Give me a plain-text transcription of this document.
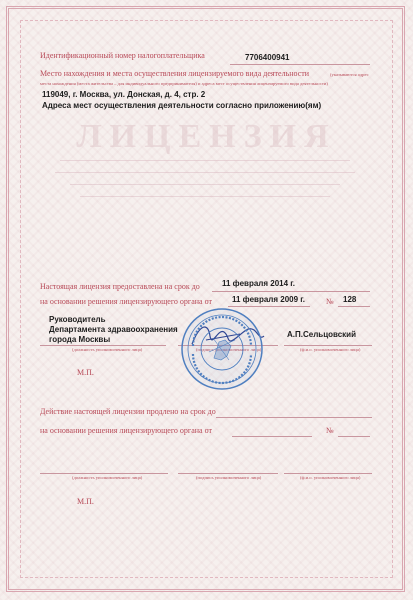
ЛИЦЕНЗИЯ
Идентификационный номер налогоплательщика	7706400941
Место нахождения и места осуществления лицензируемого вида деятельности	(указываются адрес
места нахождения (места жительства – для индивидуального предпринимателя) и адреса мест осуществления лицензируемого вида деятельности)
119049, г. Москва, ул. Донская, д. 4, стр. 2
Адреса мест осуществления деятельности согласно приложению(ям)
Настоящая лицензия предоставлена на срок до	11 февраля 2014 г.
на основании решения лицензирующего органа от	11 февраля 2009 г.	№ 128
Руководитель
Департамента здравоохранения
города Москвы
А.П.Сельцовский
(должность уполномоченного лица)	(ф.и.о. уполномоченного лица)
М.П.
Действие настоящей лицензии продлено на срок до
на основании решения лицензирующего органа от	№
(должность уполномоченного лица)	(подпись уполномоченного лица)	(ф.и.о. уполномоченного лица)
М.П.
